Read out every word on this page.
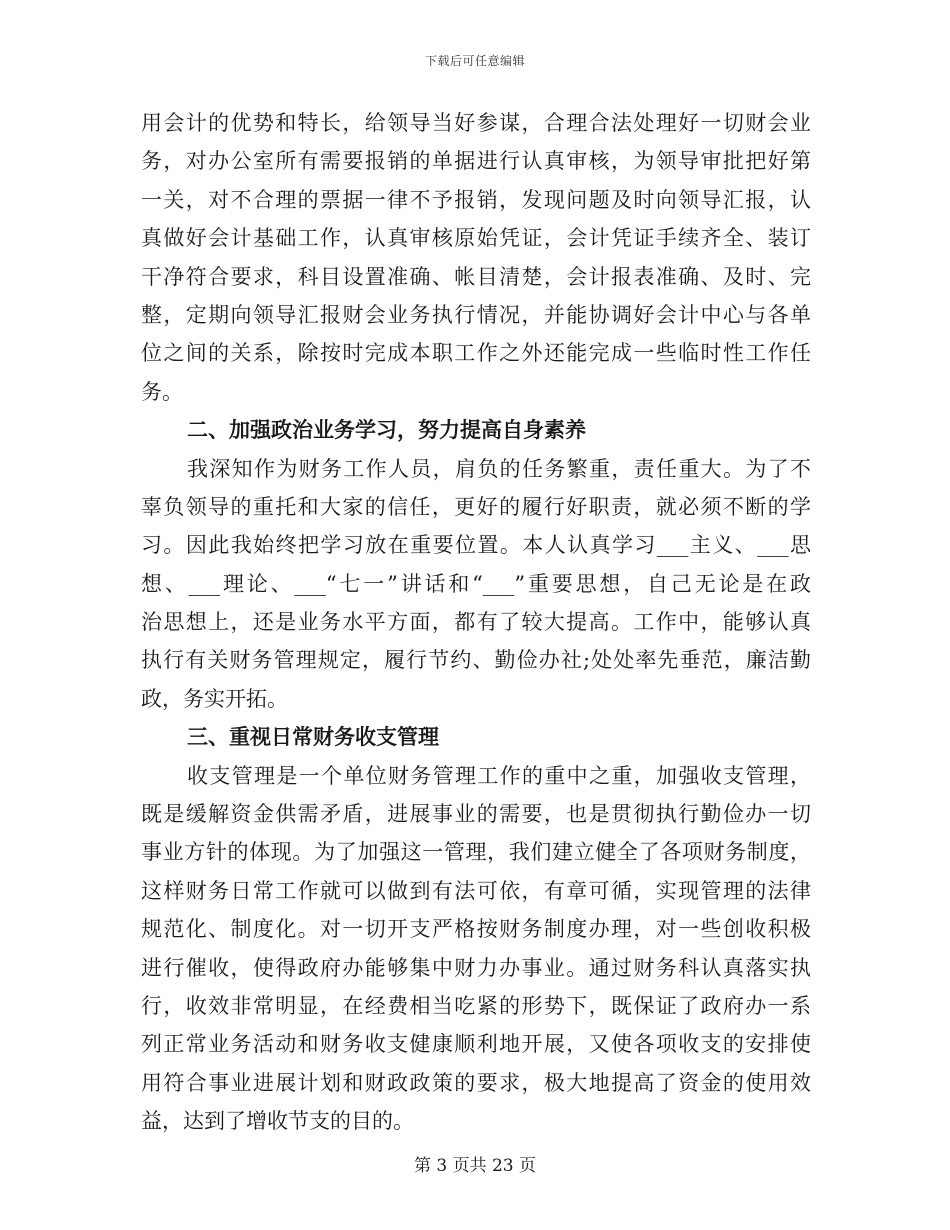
下载后可任意编辑
用会计的优势和特长，给领导当好参谋，合理合法处理好一切财会业
务，对办公室所有需要报销的单据进行认真审核，为领导审批把好第
一关，对不合理的票据一律不予报销，发现问题及时向领导汇报，认
真做好会计基础工作，认真审核原始凭证，会计凭证手续齐全、装订
干净符合要求，科目设置准确、帐目清楚，会计报表准确、及时、完
整，定期向领导汇报财会业务执行情况，并能协调好会计中心与各单
位之间的关系，除按时完成本职工作之外还能完成一些临时性工作任
务。
二、加强政治业务学习，努力提高自身素养
我深知作为财务工作人员，肩负的任务繁重，责任重大。为了不
辜负领导的重托和大家的信任，更好的履行好职责，就必须不断的学
习。因此我始终把学习放在重要位置。本人认真学习___主义、___思
想、___理论、___“七一”讲话和“___”重要思想，自己无论是在政
治思想上，还是业务水平方面，都有了较大提高。工作中，能够认真
执行有关财务管理规定，履行节约、勤俭办社;处处率先垂范，廉洁勤
政，务实开拓。
三、重视日常财务收支管理
收支管理是一个单位财务管理工作的重中之重，加强收支管理，
既是缓解资金供需矛盾，进展事业的需要，也是贯彻执行勤俭办一切
事业方针的体现。为了加强这一管理，我们建立健全了各项财务制度，
这样财务日常工作就可以做到有法可依，有章可循，实现管理的法律
规范化、制度化。对一切开支严格按财务制度办理，对一些创收积极
进行催收，使得政府办能够集中财力办事业。通过财务科认真落实执
行，收效非常明显，在经费相当吃紧的形势下，既保证了政府办一系
列正常业务活动和财务收支健康顺利地开展，又使各项收支的安排使
用符合事业进展计划和财政政策的要求，极大地提高了资金的使用效
益，达到了增收节支的目的。
第 3 页共 23 页
